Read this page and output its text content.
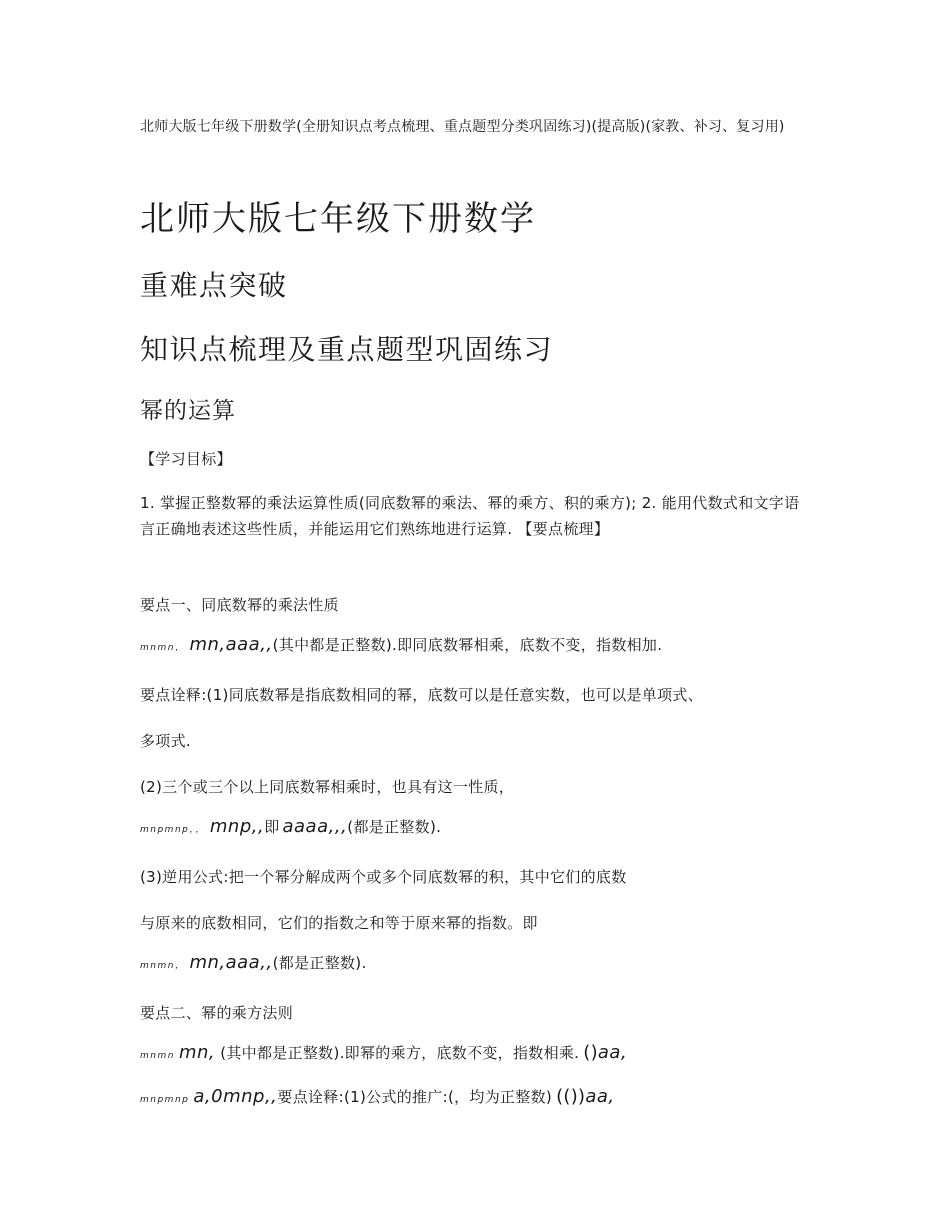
北师大版七年级下册数学(全册知识点考点梳理、重点题型分类巩固练习)(提高版)(家教、补习、复习用)
北师大版七年级下册数学
重难点突破
知识点梳理及重点题型巩固练习
幂的运算
【学习目标】
1. 掌握正整数幂的乘法运算性质(同底数幂的乘法、幂的乘方、积的乘方); 2. 能用代数式和文字语言正确地表述这些性质，并能运用它们熟练地进行运算. 【要点梳理】
要点一、同底数幂的乘法性质
mnmn， mn,aaa,,(其中都是正整数).即同底数幂相乘，底数不变，指数相加.
要点诠释:(1)同底数幂是指底数相同的幂，底数可以是任意实数，也可以是单项式、
多项式.
(2)三个或三个以上同底数幂相乘时，也具有这一性质，
mnpmnp，， mnp,,即 aaaa,,,(都是正整数).
(3)逆用公式:把一个幂分解成两个或多个同底数幂的积，其中它们的底数
与原来的底数相同，它们的指数之和等于原来幂的指数。即
mnmn， mn,aaa,,(都是正整数).
要点二、幂的乘方法则
mnmn mn, (其中都是正整数).即幂的乘方，底数不变，指数相乘. ()aa,
mnpmnp a,0mnp,,要点诠释:(1)公式的推广:(，均为正整数) (())aa,
